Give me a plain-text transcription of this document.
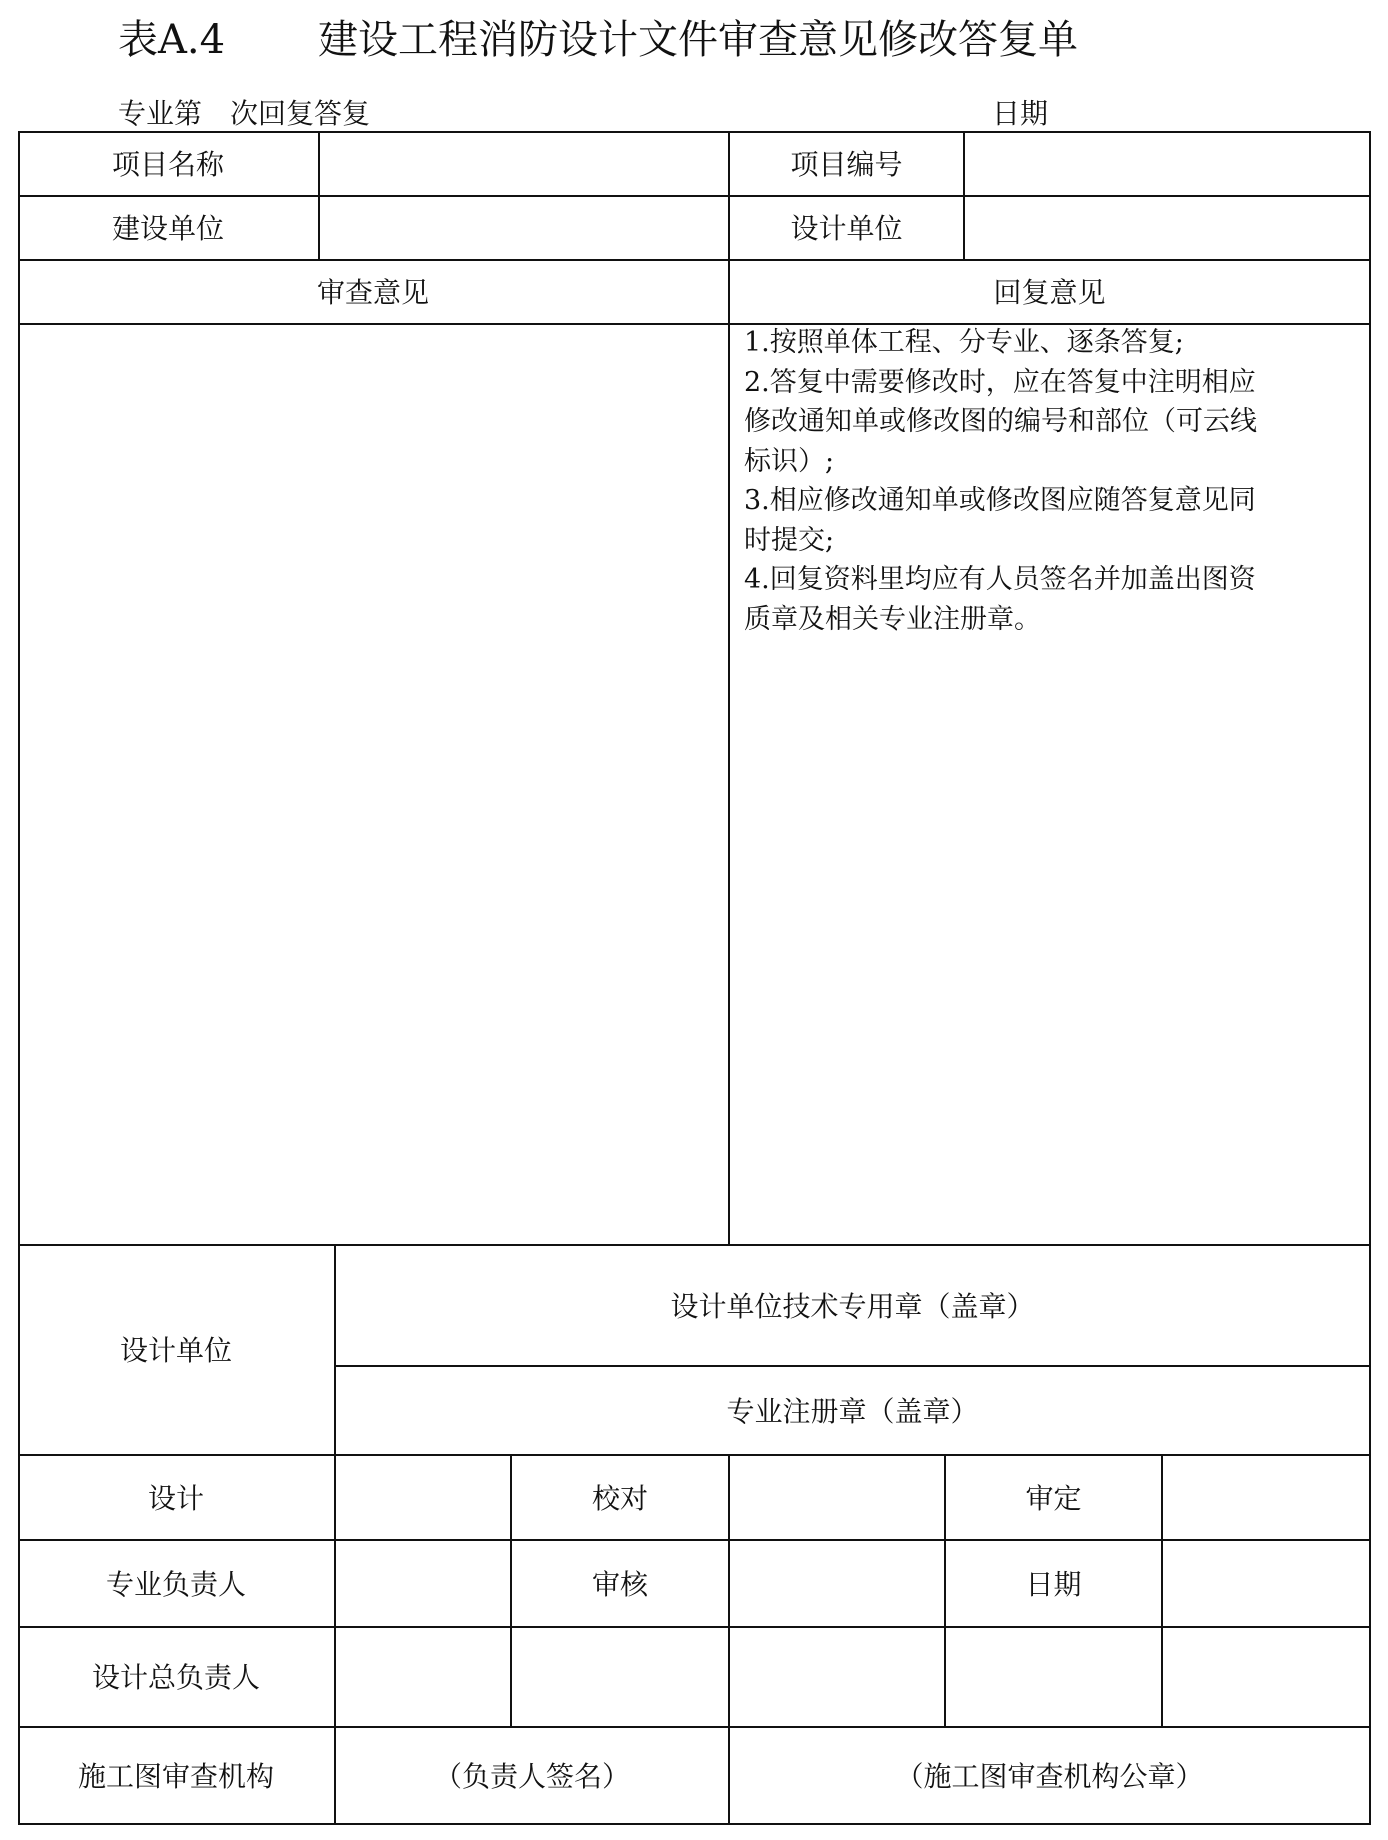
表A.4 建设工程消防设计文件审查意见修改答复单
专业第　次回复答复	日期
项目名称	项目编号
建设单位	设计单位
审查意见	回复意见
1.按照单体工程、分专业、逐条答复;
2.答复中需要修改时，应在答复中注明相应
修改通知单或修改图的编号和部位（可云线
标识）;
3.相应修改通知单或修改图应随答复意见同
时提交;
4.回复资料里均应有人员签名并加盖出图资
质章及相关专业注册章。
设计单位
设计单位技术专用章（盖章）
专业注册章（盖章）
设计	校对	审定
专业负责人	审核	日期
设计总负责人
施工图审查机构	（负责人签名）	（施工图审查机构公章）
